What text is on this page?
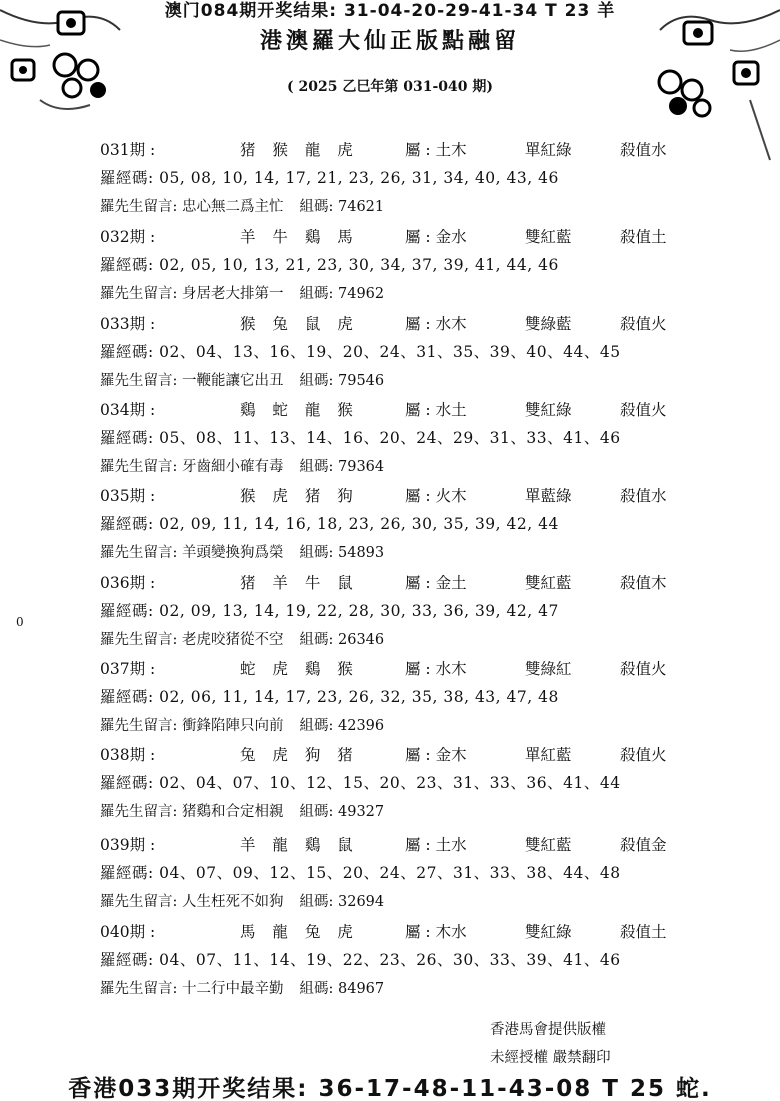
澳门084期开奖结果: 31-04-20-29-41-34 T 23 羊
港澳羅大仙正版點融留
( 2025 乙巳年第 031-040 期)
031期 :	猪 猴 龍 虎	屬 : 土木	單紅綠	殺值水
羅經碼: 05, 08, 10, 14, 17, 21, 23, 26, 31, 34, 40, 43, 46
羅先生留言: 忠心無二爲主忙 組碼: 74621
032期 :	羊 牛 鷄 馬	屬 : 金水	雙紅藍	殺值土
羅經碼: 02, 05, 10, 13, 21, 23, 30, 34, 37, 39, 41, 44, 46
羅先生留言: 身居老大排第一 組碼: 74962
033期 :	猴 兔 鼠 虎	屬 : 水木	雙綠藍	殺值火
羅經碼: 02、04、13、16、19、20、24、31、35、39、40、44、45
羅先生留言: 一鞭能讓它出丑 組碼: 79546
034期 :	鷄 蛇 龍 猴	屬 : 水土	雙紅綠	殺值火
羅經碼: 05、08、11、13、14、16、20、24、29、31、33、41、46
羅先生留言: 牙齒細小確有毒 組碼: 79364
035期 :	猴 虎 猪 狗	屬 : 火木	單藍綠	殺值水
羅經碼: 02, 09, 11, 14, 16, 18, 23, 26, 30, 35, 39, 42, 44
羅先生留言: 羊頭變換狗爲榮 組碼: 54893
036期 :	猪 羊 牛 鼠	屬 : 金土	雙紅藍	殺值木
羅經碼: 02, 09, 13, 14, 19, 22, 28, 30, 33, 36, 39, 42, 47
羅先生留言: 老虎咬猪從不空 組碼: 26346
037期 :	蛇 虎 鷄 猴	屬 : 水木	雙綠紅	殺值火
羅經碼: 02, 06, 11, 14, 17, 23, 26, 32, 35, 38, 43, 47, 48
羅先生留言: 衝鋒陷陣只向前 組碼: 42396
038期 :	兔 虎 狗 猪	屬 : 金木	單紅藍	殺值火
羅經碼: 02、04、07、10、12、15、20、23、31、33、36、41、44
羅先生留言: 猪鷄和合定相親 組碼: 49327
039期 :	羊 龍 鷄 鼠	屬 : 土水	雙紅藍	殺值金
羅經碼: 04、07、09、12、15、20、24、27、31、33、38、44、48
羅先生留言: 人生枉死不如狗 組碼: 32694
040期 :	馬 龍 兔 虎	屬 : 木水	雙紅綠	殺值土
羅經碼: 04、07、11、14、19、22、23、26、30、33、39、41、46
羅先生留言: 十二行中最辛勤 組碼: 84967
香港馬會提供版權
未經授權 嚴禁翻印
0
香港033期开奖结果: 36-17-48-11-43-08 T 25 蛇.
